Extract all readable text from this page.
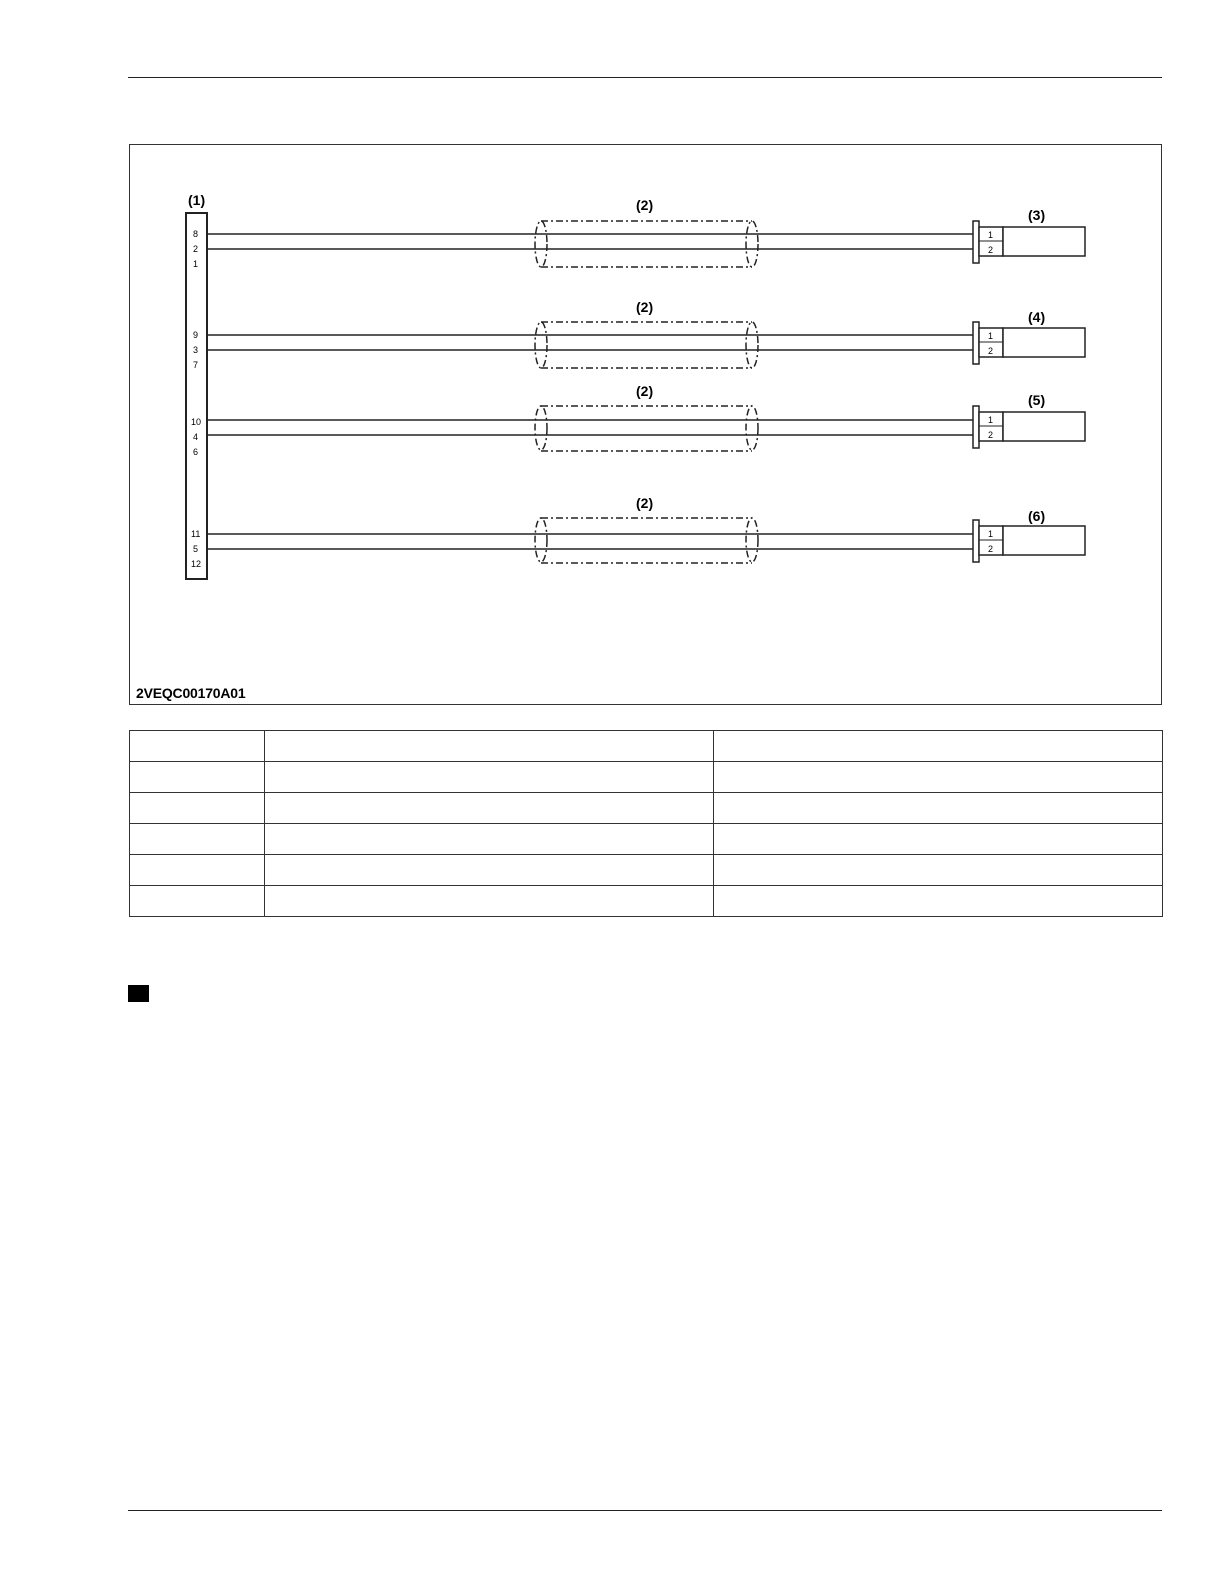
(1)
8
2
1
9
3
7
10
4
6
11
5
12
(2)
1
2
(3)
(2)
1
2
(4)
(2)
1
2
(5)
(2)
1
2
(6)
2VEQC00170A01
